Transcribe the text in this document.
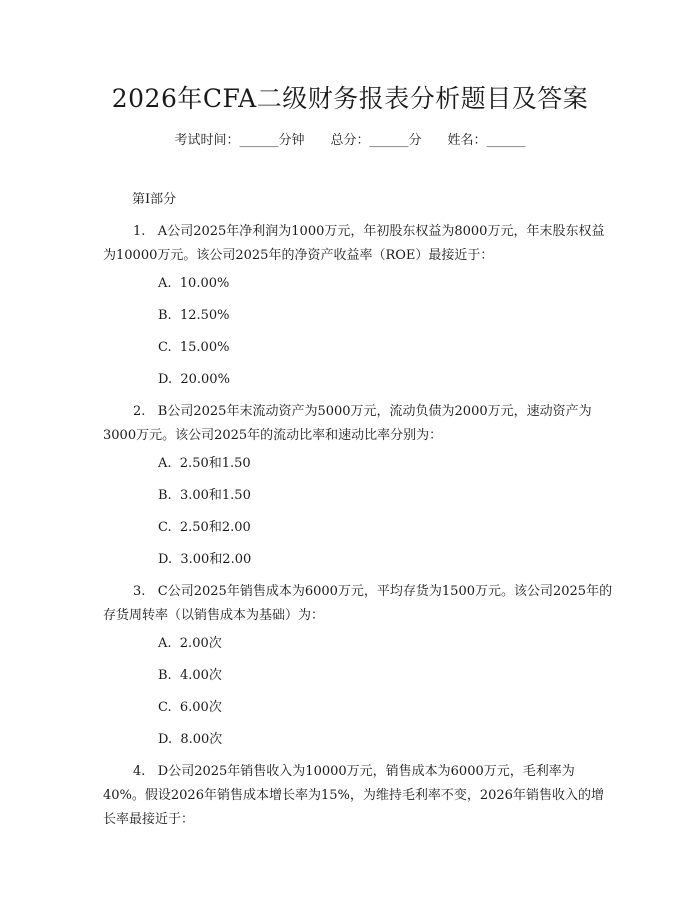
2026年CFA二级财务报表分析题目及答案
考试时间：______分钟 总分：______分 姓名：______
第Ⅰ部分
1.   A公司2025年净利润为1000万元，年初股东权益为8000万元，年末股东权益为10000万元。该公司2025年的净资产收益率（ROE）最接近于：
A.  10.00%
B.  12.50%
C.  15.00%
D.  20.00%
2.   B公司2025年末流动资产为5000万元，流动负债为2000万元，速动资产为3000万元。该公司2025年的流动比率和速动比率分别为：
A.  2.50和1.50
B.  3.00和1.50
C.  2.50和2.00
D.  3.00和2.00
3.   C公司2025年销售成本为6000万元，平均存货为1500万元。该公司2025年的存货周转率（以销售成本为基础）为：
A.  2.00次
B.  4.00次
C.  6.00次
D.  8.00次
4.   D公司2025年销售收入为10000万元，销售成本为6000万元，毛利率为40%。假设2026年销售成本增长率为15%，为维持毛利率不变，2026年销售收入的增长率最接近于：
